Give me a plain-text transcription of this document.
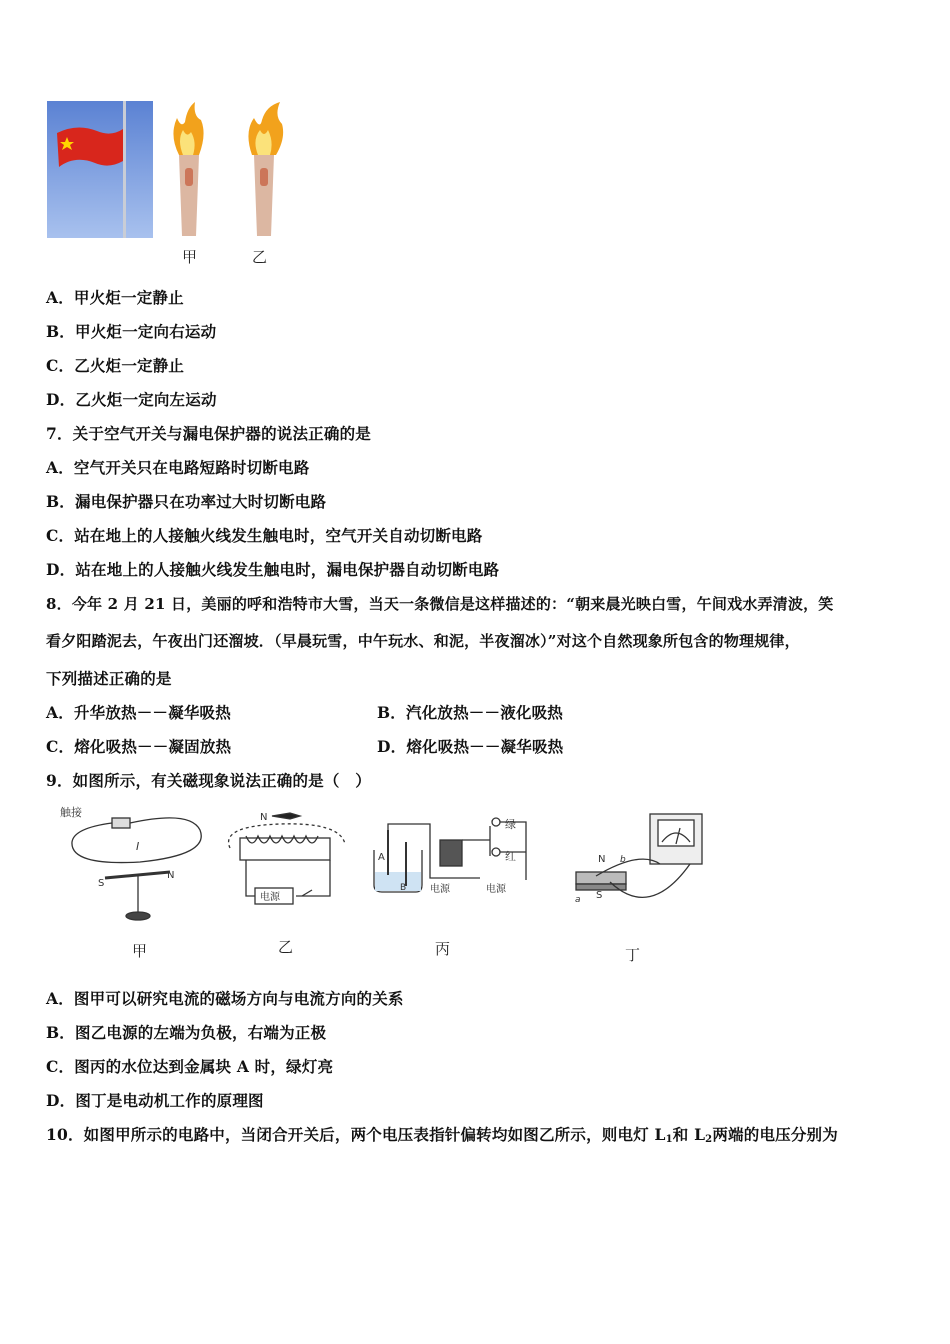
甲	乙
A．甲火炬一定静止
B．甲火炬一定向右运动
C．乙火炬一定静止
D．乙火炬一定向左运动
7．关于空气开关与漏电保护器的说法正确的是
A．空气开关只在电路短路时切断电路
B．漏电保护器只在功率过大时切断电路
C．站在地上的人接触火线发生触电时，空气开关自动切断电路
D．站在地上的人接触火线发生触电时，漏电保护器自动切断电路
8．今年 2 月 21 日，美丽的呼和浩特市大雪，当天一条微信是这样描述的：“朝来晨光映白雪，午间戏水弄清波，笑
看夕阳踏泥去，午夜出门还溜坡．（早晨玩雪，中午玩水、和泥，半夜溜冰）”对这个自然现象所包含的物理规律，
下列描述正确的是
A．升华放热－－凝华吸热	B．汽化放热－－液化吸热
C．熔化吸热－－凝固放热	D．熔化吸热－－凝华吸热
9．如图所示，有关磁现象说法正确的是（　）
触接
I
S
N
N
电源
A
B
绿
红
电源	电源
N b
S
a
甲	乙	丙	丁
A．图甲可以研究电流的磁场方向与电流方向的关系
B．图乙电源的左端为负极，右端为正极
C．图丙的水位达到金属块 A 时，绿灯亮
D．图丁是电动机工作的原理图
10．如图甲所示的电路中，当闭合开关后，两个电压表指针偏转均如图乙所示，则电灯 $L_1$和 $L_2$两端的电压分别为
